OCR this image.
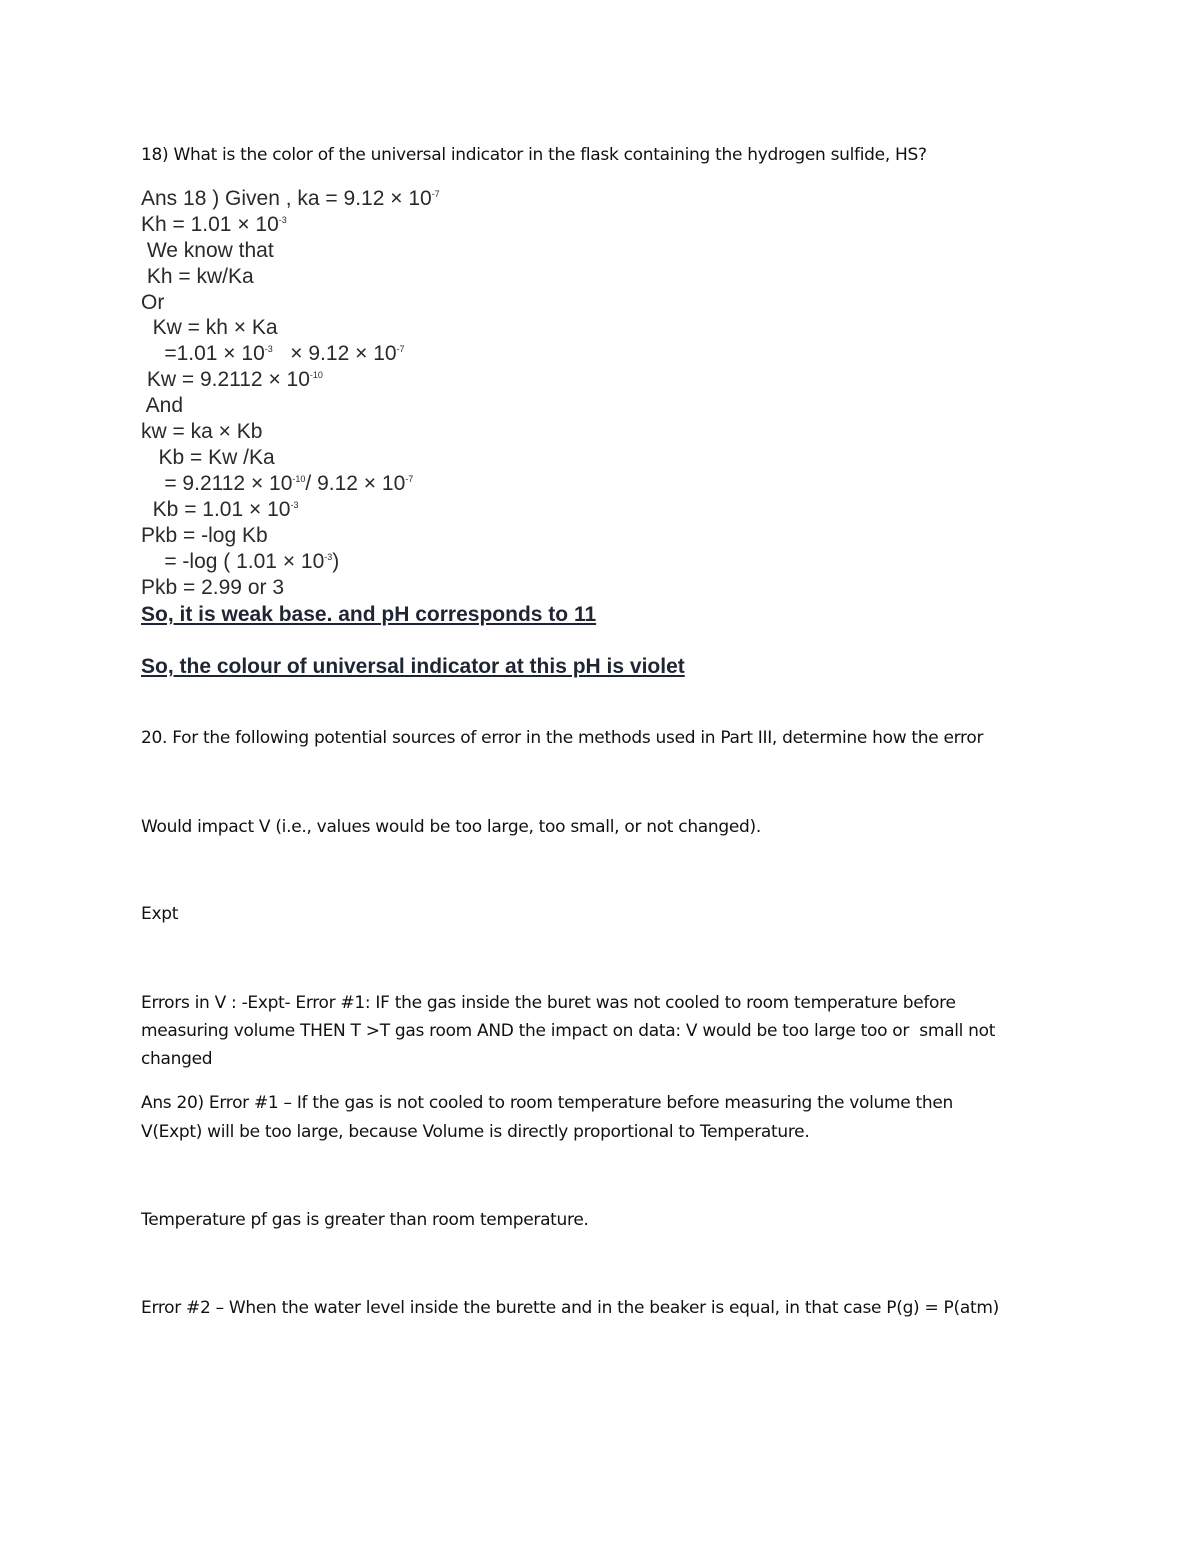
18) What is the color of the universal indicator in the flask containing the hydrogen sulfide, HS?
Ans 18 ) Given , ka = $9.12 \times 10^{-7}$
$Kh = 1.01 \times 10^{-3}$
We know that
Kh = kw/Ka
Or
Kw = kh × Ka
$=1.01 \times 10^{-3} \times 9.12 \times 10^{-7}$
$Kw = 9.2112 \times 10^{-10}$
And
kw = ka × Kb
Kb = Kw /Ka
= $9.2112 \times 10^{-10}/$ $9.12 \times 10^{-7}$
$Kb = 1.01 \times 10^{-3}$
Pkb = -log Kb
= -log ( $1.01 \times 10^{-3}$)
Pkb = 2.99 or 3
So, it is weak base. and pH corresponds to 11
So, the colour of universal indicator at this pH is violet
20. For the following potential sources of error in the methods used in Part III, determine how the error
Would impact V (i.e., values would be too large, too small, or not changed).
Expt
Errors in V : -Expt- Error #1: IF the gas inside the buret was not cooled to room temperature before
measuring volume THEN T >T gas room AND the impact on data: V would be too large too or  small not
changed
Ans 20) Error #1 – If the gas is not cooled to room temperature before measuring the volume then
V(Expt) will be too large, because Volume is directly proportional to Temperature.
Temperature pf gas is greater than room temperature.
Error #2 – When the water level inside the burette and in the beaker is equal, in that case P(g) = P(atm)
